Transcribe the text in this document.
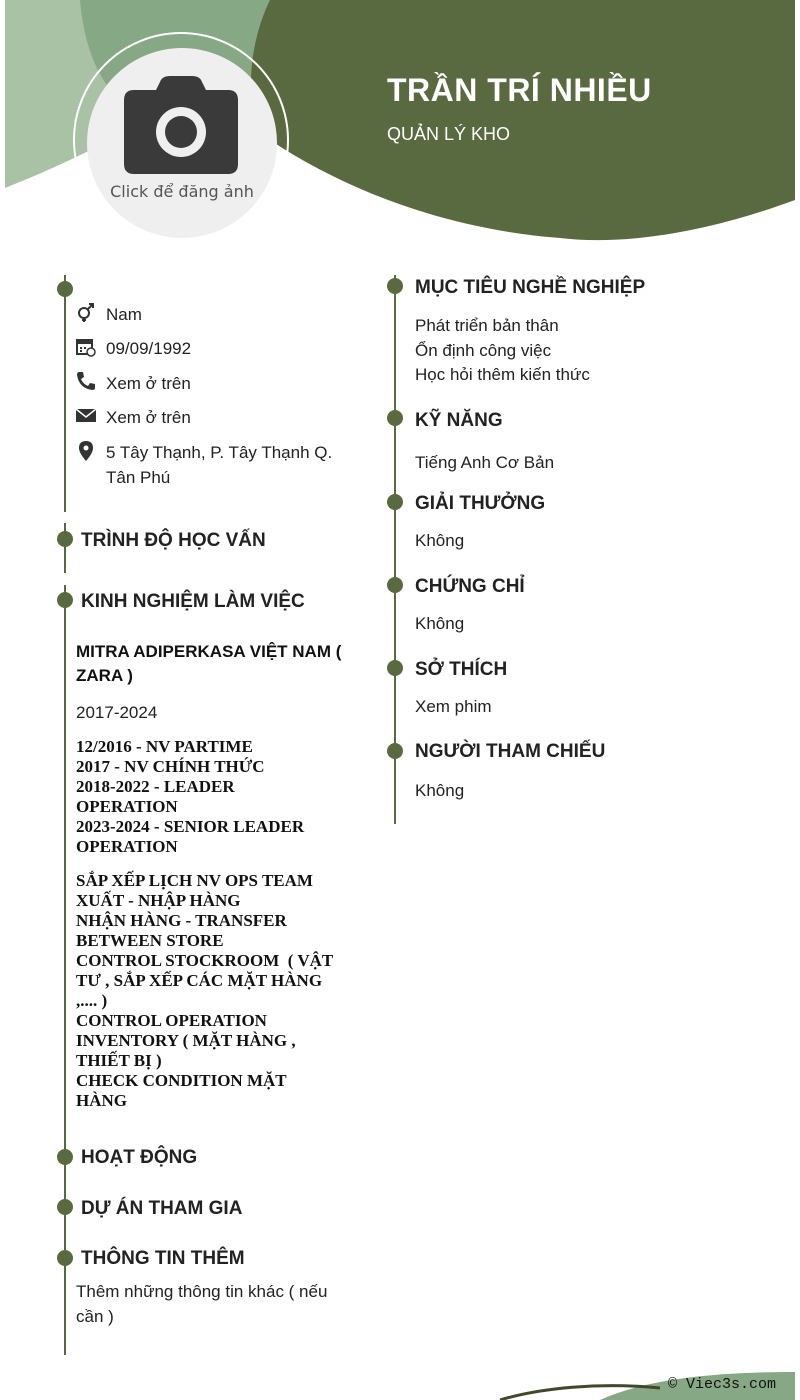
TRẦN TRÍ NHIỀU
QUẢN LÝ KHO
Click để đăng ảnh
Nam
09/09/1992
Xem ở trên
Xem ở trên
5 Tây Thạnh, P. Tây Thạnh Q.
Tân Phú
TRÌNH ĐỘ HỌC VẤN
KINH NGHIỆM LÀM VIỆC
MITRA ADIPERKASA VIỆT NAM (
ZARA )
2017-2024
12/2016 - NV PARTIME
2017 - NV CHÍNH THỨC
2018-2022 - LEADER
OPERATION
2023-2024 - SENIOR LEADER
OPERATION
SẮP XẾP LỊCH NV OPS TEAM
XUẤT - NHẬP HÀNG
NHẬN HÀNG - TRANSFER
BETWEEN STORE
CONTROL STOCKROOM  ( VẬT
TƯ , SẮP XẾP CÁC MẶT HÀNG
,.... )
CONTROL OPERATION
INVENTORY ( MẶT HÀNG ,
THIẾT BỊ )
CHECK CONDITION MẶT
HÀNG
HOẠT ĐỘNG
DỰ ÁN THAM GIA
THÔNG TIN THÊM
Thêm những thông tin khác ( nếu
cần )
MỤC TIÊU NGHỀ NGHIỆP
Phát triển bản thân
Ổn định công việc
Học hỏi thêm kiến thức
KỸ NĂNG
Tiếng Anh Cơ Bản
GIẢI THƯỞNG
Không
CHỨNG CHỈ
Không
SỞ THÍCH
Xem phim
NGƯỜI THAM CHIẾU
Không
© Viec3s.com
